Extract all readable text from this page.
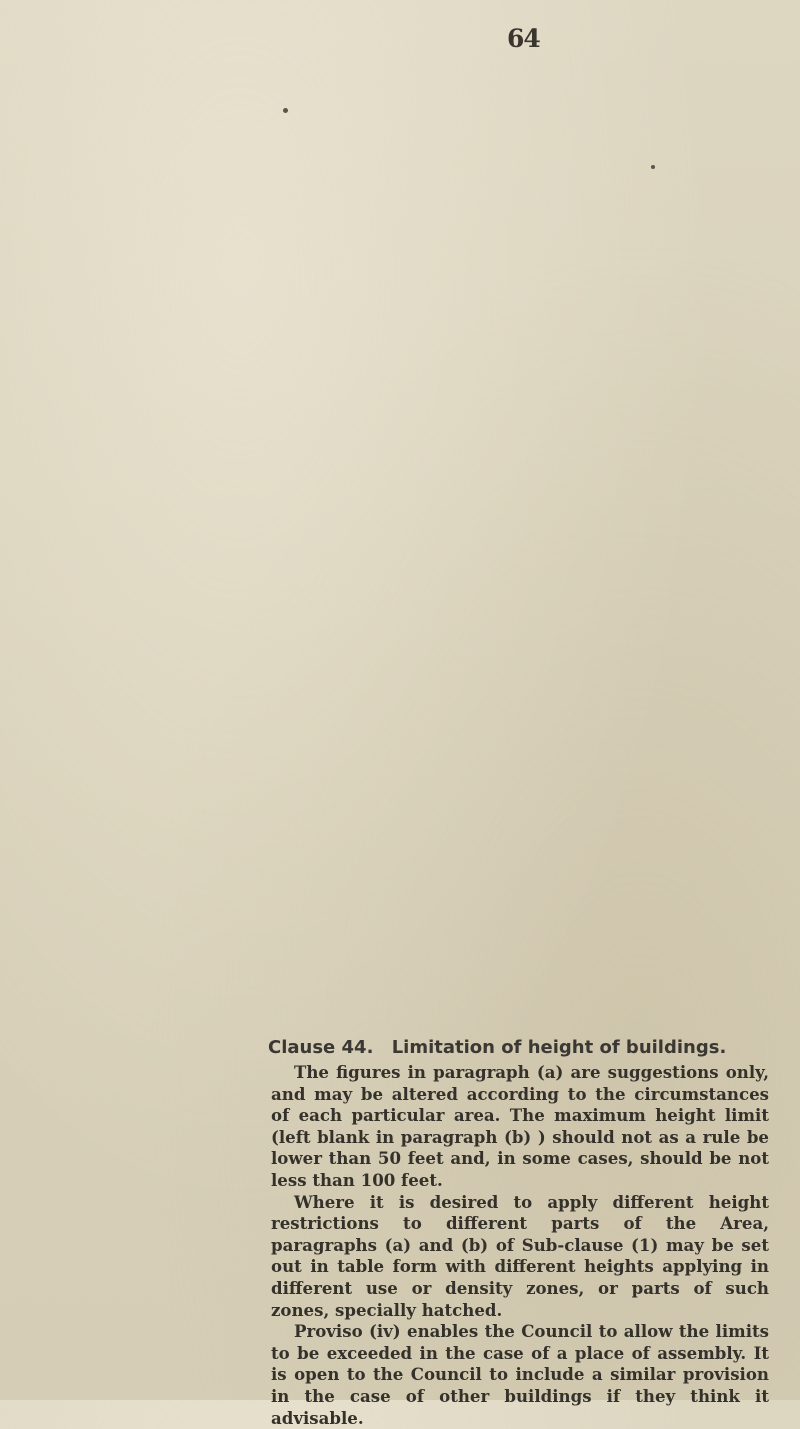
64
Clause 44. Limitation of height of buildings.

The figures in paragraph (a) are suggestions only, and may be altered according to the circumstances of each particular area. The maximum height limit (left blank in paragraph (b) ) should not as a rule be lower than 50 feet and, in some cases, should be not less than 100 feet.

Where it is desired to apply different height restrictions to different parts of the Area, paragraphs (a) and (b) of Sub-clause (1) may be set out in table form with different heights applying in different use or density zones, or parts of such zones, specially hatched.

Proviso (iv) enables the Council to allow the limits to be exceeded in the case of a place of assembly. It is open to the Council to include a similar provision in the case of other buildings if they think it advisable.
